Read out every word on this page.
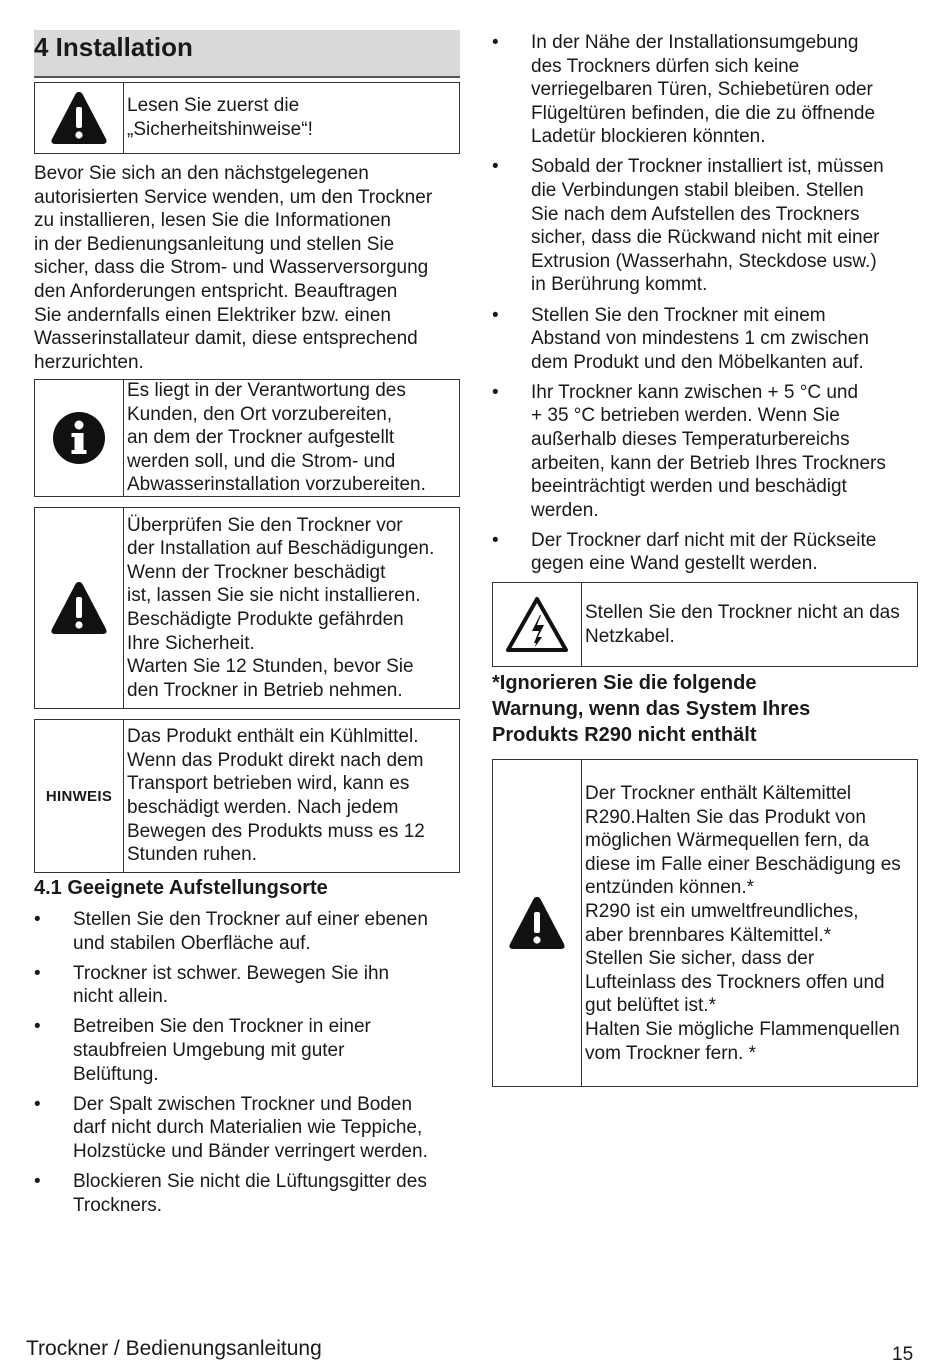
4 Installation
Lesen Sie zuerst die
„Sicherheitshinweise“!
Bevor Sie sich an den nächstgelegenen
autorisierten Service wenden, um den Trockner
zu installieren, lesen Sie die Informationen
in der Bedienungsanleitung und stellen Sie
sicher, dass die Strom- und Wasserversorgung
den Anforderungen entspricht. Beauftragen
Sie andernfalls einen Elektriker bzw. einen
Wasserinstallateur damit, diese entsprechend
herzurichten.
Es liegt in der Verantwortung des
Kunden, den Ort vorzubereiten,
an dem der Trockner aufgestellt
werden soll, und die Strom- und
Abwasserinstallation vorzubereiten.
Überprüfen Sie den Trockner vor
der Installation auf Beschädigungen.
Wenn der Trockner beschädigt
ist, lassen Sie sie nicht installieren.
Beschädigte Produkte gefährden
Ihre Sicherheit.
Warten Sie 12 Stunden, bevor Sie
den Trockner in Betrieb nehmen.
HINWEIS
Das Produkt enthält ein Kühlmittel.
Wenn das Produkt direkt nach dem
Transport betrieben wird, kann es
beschädigt werden. Nach jedem
Bewegen des Produkts muss es 12
Stunden ruhen.
4.1 Geeignete Aufstellungsorte
• Stellen Sie den Trockner auf einer ebenen
und stabilen Oberfläche auf.
• Trockner ist schwer. Bewegen Sie ihn
nicht allein.
• Betreiben Sie den Trockner in einer
staubfreien Umgebung mit guter
Belüftung.
• Der Spalt zwischen Trockner und Boden
darf nicht durch Materialien wie Teppiche,
Holzstücke und Bänder verringert werden.
• Blockieren Sie nicht die Lüftungsgitter des
Trockners.
• In der Nähe der Installationsumgebung
des Trockners dürfen sich keine
verriegelbaren Türen, Schiebetüren oder
Flügeltüren befinden, die die zu öffnende
Ladetür blockieren könnten.
• Sobald der Trockner installiert ist, müssen
die Verbindungen stabil bleiben. Stellen
Sie nach dem Aufstellen des Trockners
sicher, dass die Rückwand nicht mit einer
Extrusion (Wasserhahn, Steckdose usw.)
in Berührung kommt.
• Stellen Sie den Trockner mit einem
Abstand von mindestens 1 cm zwischen
dem Produkt und den Möbelkanten auf.
• Ihr Trockner kann zwischen + 5 °C und
+ 35 °C betrieben werden. Wenn Sie
außerhalb dieses Temperaturbereichs
arbeiten, kann der Betrieb Ihres Trockners
beeinträchtigt werden und beschädigt
werden.
• Der Trockner darf nicht mit der Rückseite
gegen eine Wand gestellt werden.
Stellen Sie den Trockner nicht an das
Netzkabel.
*Ignorieren Sie die folgende
Warnung, wenn das System Ihres
Produkts R290 nicht enthält
Der Trockner enthält Kältemittel
R290.Halten Sie das Produkt von
möglichen Wärmequellen fern, da
diese im Falle einer Beschädigung es
entzünden können.*
R290 ist ein umweltfreundliches,
aber brennbares Kältemittel.*
Stellen Sie sicher, dass der
Lufteinlass des Trockners offen und
gut belüftet ist.*
Halten Sie mögliche Flammenquellen
vom Trockner fern. *
Trockner / Bedienungsanleitung	15
